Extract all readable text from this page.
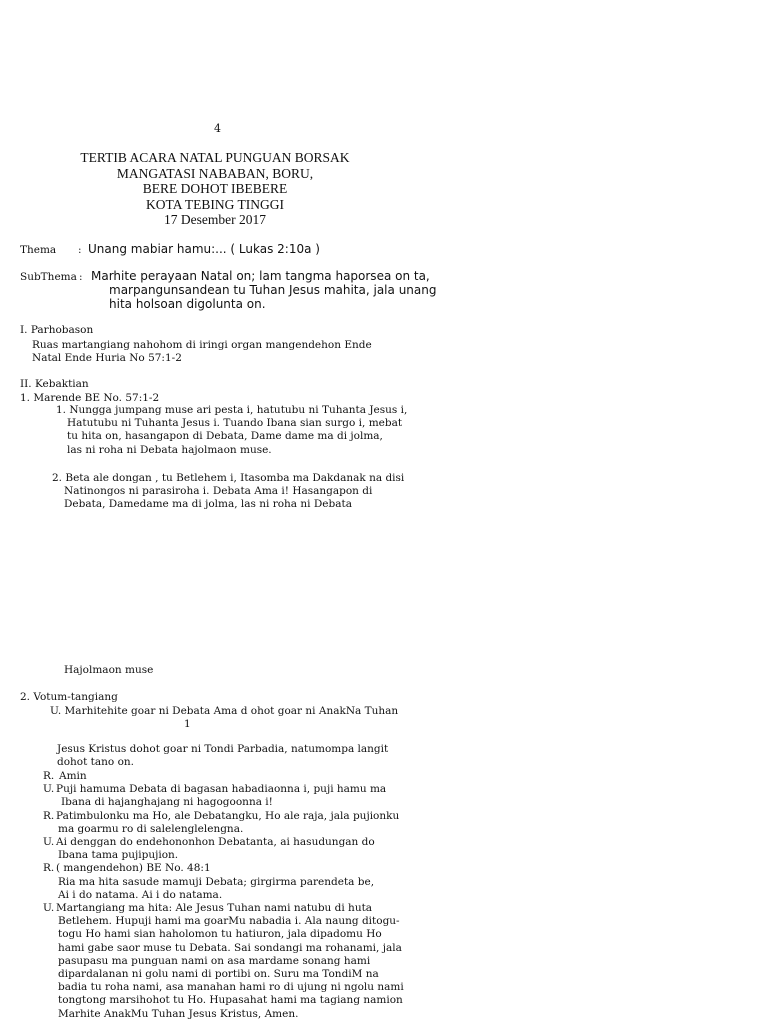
4
TERTIB ACARA NATAL PUNGUAN BORSAK
MANGATASI NABABAN, BORU,
BERE DOHOT IBEBERE
KOTA TEBING TINGGI
17 Desember 2017
Thema : Unang mabiar hamu:... ( Lukas 2:10a )
SubThema : Marhite perayaan Natal on; lam tangma haporsea on ta,
marpangunsandean tu Tuhan Jesus mahita, jala unang
hita holsoan digolunta on.
I. Parhobason
Ruas martangiang nahohom di iringi organ mangendehon Ende
Natal Ende Huria No 57:1-2
II. Kebaktian
1. Marende BE No. 57:1-2
1. Nungga jumpang muse ari pesta i, hatutubu ni Tuhanta Jesus i,
Hatutubu ni Tuhanta Jesus i. Tuando Ibana sian surgo i, mebat
tu hita on, hasangapon di Debata, Dame dame ma di jolma,
las ni roha ni Debata hajolmaon muse.
2. Beta ale dongan , tu Betlehem i, Itasomba ma Dakdanak na disi
Natinongos ni parasiroha i. Debata Ama i! Hasangapon di
Debata, Damedame ma di jolma, las ni roha ni Debata
Hajolmaon muse
2. Votum-tangiang
U. Marhitehite goar ni Debata Ama d ohot goar ni AnakNa Tuhan
1
Jesus Kristus dohot goar ni Tondi Parbadia, natumompa langit
dohot tano on.
R. Amin
U. Puji hamuma Debata di bagasan habadiaonna i, puji hamu ma
Ibana di hajanghajang ni hagogoonna i!
R. Patimbulonku ma Ho, ale Debatangku, Ho ale raja, jala pujionku
ma goarmu ro di salelenglelengna.
U. Ai denggan do endehononhon Debatanta, ai hasudungan do
Ibana tama pujipujion.
R. ( mangendehon) BE No. 48:1
Ria ma hita sasude mamuji Debata; girgirma parendeta be,
Ai i do natama. Ai i do natama.
U. Martangiang ma hita: Ale Jesus Tuhan nami natubu di huta
Betlehem. Hupuji hami ma goarMu nabadia i. Ala naung ditogu-
togu Ho hami sian haholomon tu hatiuron, jala dipadomu Ho
hami gabe saor muse tu Debata. Sai sondangi ma rohanami, jala
pasupasu ma punguan nami on asa mardame sonang hami
dipardalanan ni golu nami di portibi on. Suru ma TondiM na
badia tu roha nami, asa manahan hami ro di ujung ni ngolu nami
tongtong marsihohot tu Ho. Hupasahat hami ma tagiang namion
Marhite AnakMu Tuhan Jesus Kristus, Amen.
